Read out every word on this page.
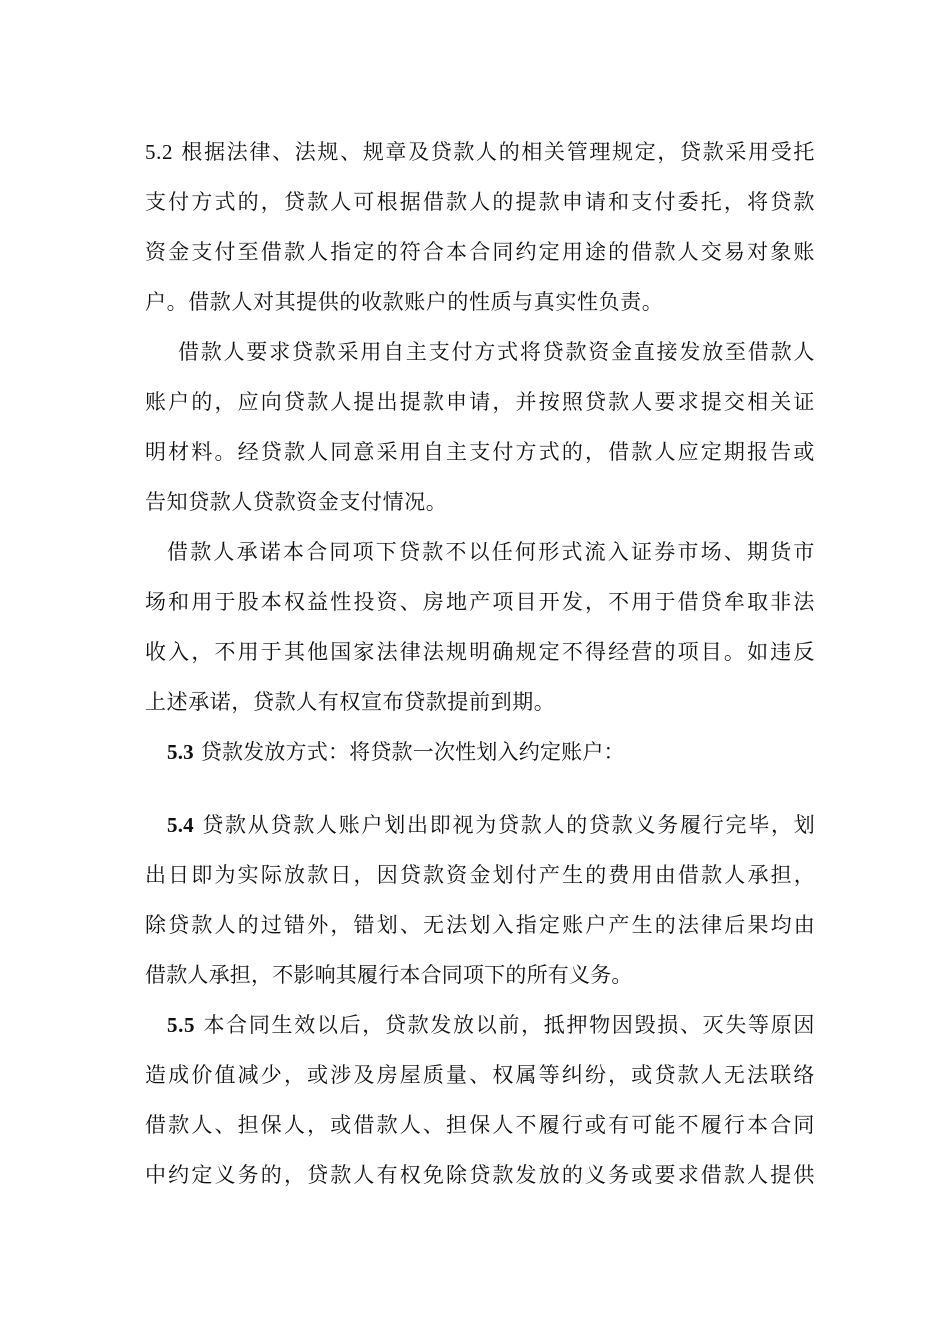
5.2 根据法律、法规、规章及贷款人的相关管理规定，贷款采用受托
支付方式的，贷款人可根据借款人的提款申请和支付委托，将贷款
资金支付至借款人指定的符合本合同约定用途的借款人交易对象账
户。借款人对其提供的收款账户的性质与真实性负责。
借款人要求贷款采用自主支付方式将贷款资金直接发放至借款人
账户的，应向贷款人提出提款申请，并按照贷款人要求提交相关证
明材料。经贷款人同意采用自主支付方式的，借款人应定期报告或
告知贷款人贷款资金支付情况。
借款人承诺本合同项下贷款不以任何形式流入证券市场、期货市
场和用于股本权益性投资、房地产项目开发，不用于借贷牟取非法
收入，不用于其他国家法律法规明确规定不得经营的项目。如违反
上述承诺，贷款人有权宣布贷款提前到期。
5.3 贷款发放方式：将贷款一次性划入约定账户：
5.4 贷款从贷款人账户划出即视为贷款人的贷款义务履行完毕，划
出日即为实际放款日，因贷款资金划付产生的费用由借款人承担，
除贷款人的过错外，错划、无法划入指定账户产生的法律后果均由
借款人承担，不影响其履行本合同项下的所有义务。
5.5 本合同生效以后，贷款发放以前，抵押物因毁损、灭失等原因
造成价值减少，或涉及房屋质量、权属等纠纷，或贷款人无法联络
借款人、担保人，或借款人、担保人不履行或有可能不履行本合同
中约定义务的，贷款人有权免除贷款发放的义务或要求借款人提供
